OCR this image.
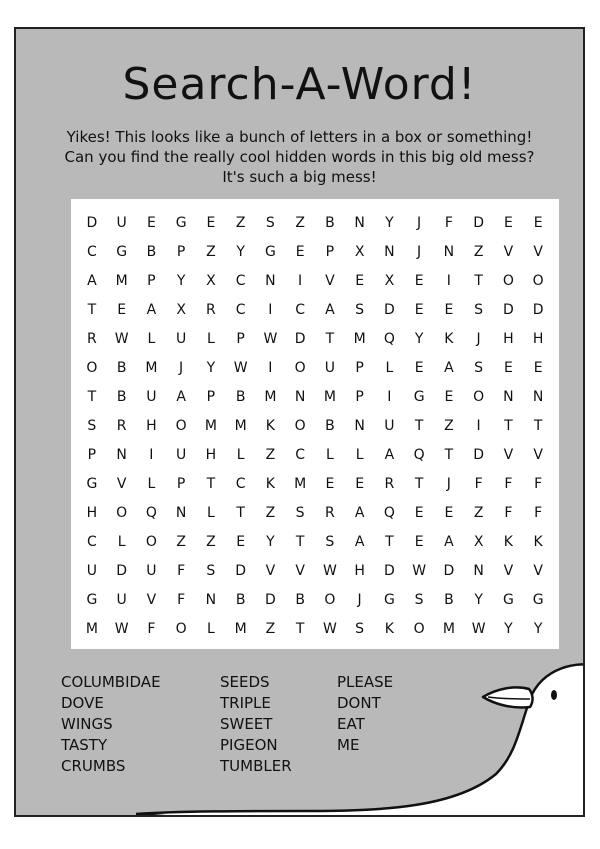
Search-A-Word!
Yikes! This looks like a bunch of letters in a box or something! Can you find the really cool hidden words in this big old mess? It's such a big mess!
D	U	E	G	E	Z	S	Z	B	N	Y	J	F	D	E	E
C	G	B	P	Z	Y	G	E	P	X	N	J	N	Z	V	V
A	M	P	Y	X	C	N	I	V	E	X	E	I	T	O	O
T	E	A	X	R	C	I	C	A	S	D	E	E	S	D	D
R	W	L	U	L	P	W	D	T	M	Q	Y	K	J	H	H
O	B	M	J	Y	W	I	O	U	P	L	E	A	S	E	E
T	B	U	A	P	B	M	N	M	P	I	G	E	O	N	N
S	R	H	O	M	M	K	O	B	N	U	T	Z	I	T	T
P	N	I	U	H	L	Z	C	L	L	A	Q	T	D	V	V
G	V	L	P	T	C	K	M	E	E	R	T	J	F	F	F
H	O	Q	N	L	T	Z	S	R	A	Q	E	E	Z	F	F
C	L	O	Z	Z	E	Y	T	S	A	T	E	A	X	K	K
U	D	U	F	S	D	V	V	W	H	D	W	D	N	V	V
G	U	V	F	N	B	D	B	O	J	G	S	B	Y	G	G
M	W	F	O	L	M	Z	T	W	S	K	O	M	W	Y	Y
COLUMBIDAE
DOVE
WINGS
TASTY
CRUMBS
SEEDS
TRIPLE
SWEET
PIGEON
TUMBLER
PLEASE
DONT
EAT
ME
